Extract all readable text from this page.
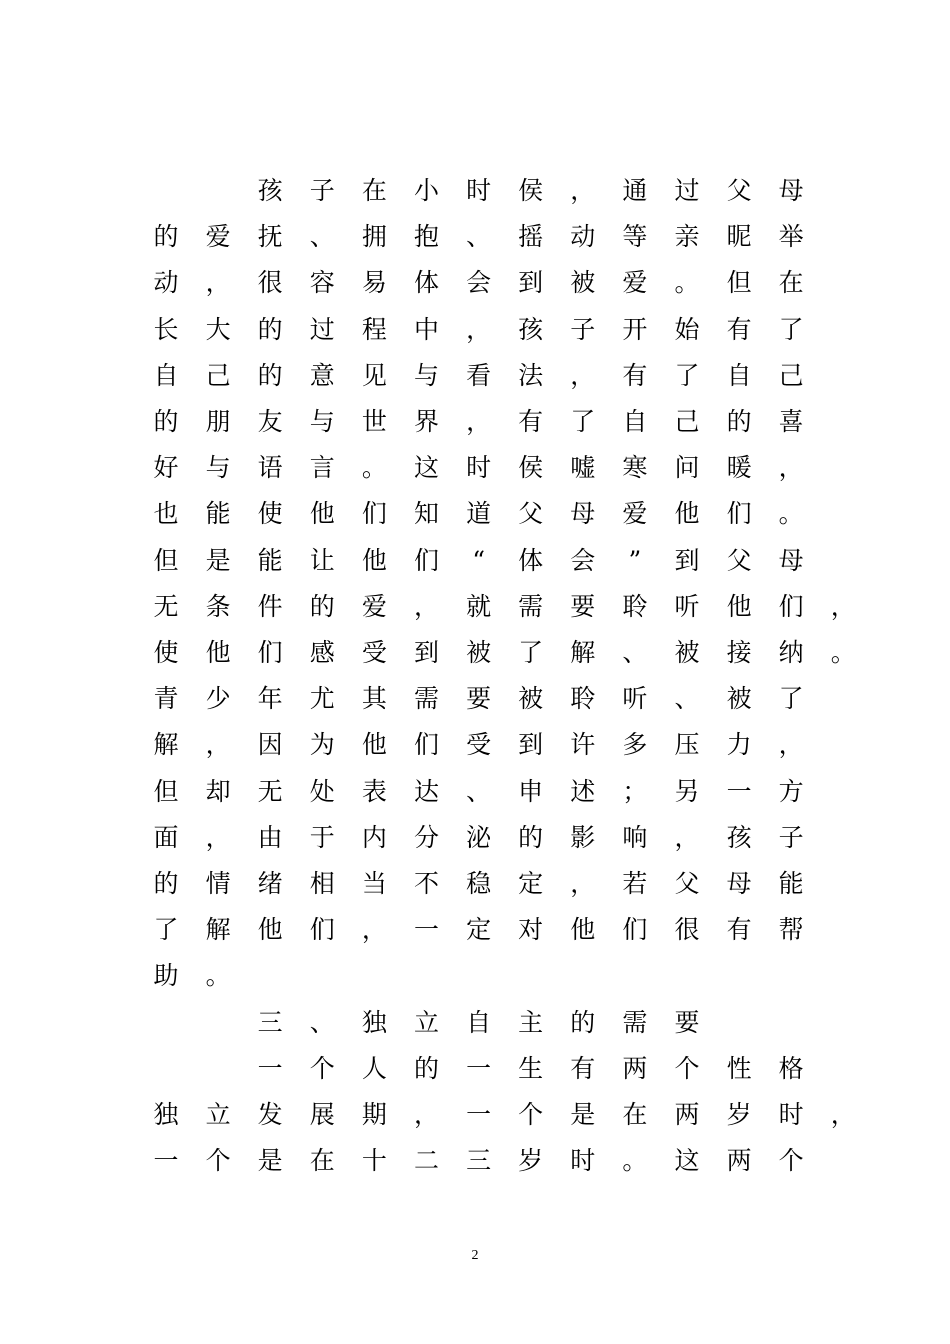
孩 子 在 小 时 侯 ， 通 过 父 母
的 爱 抚 、 拥 抱 、 摇 动 等 亲 昵 举
动 ， 很 容 易 体 会 到 被 爱 。 但 在
长 大 的 过 程 中 ， 孩 子 开 始 有 了
自 己 的 意 见 与 看 法 ， 有 了 自 己
的 朋 友 与 世 界 ， 有 了 自 己 的 喜
好 与 语 言 。 这 时 侯 嘘 寒 问 暖 ，
也 能 使 他 们 知 道 父 母 爱 他 们 。
但 是 能 让 他 们	“	体 会	”	到 父 母
无 条 件 的 爱 ， 就 需 要 聆 听 他 们 ，
使 他 们 感 受 到 被 了 解 、 被 接 纳 。
青 少 年 尤 其 需 要 被 聆 听 、 被 了
解 ， 因 为 他 们 受 到 许 多 压 力 ，
但 却 无 处 表 达 、 申 述 ； 另 一 方
面 ， 由 于 内 分 泌 的 影 响 ， 孩 子
的 情 绪 相 当 不 稳 定 ， 若 父 母 能
了 解 他 们 ， 一 定 对 他 们 很 有 帮
助 。
三 、 独 立 自 主 的 需 要
一 个 人 的 一 生 有 两 个 性 格
独 立 发 展 期 ， 一 个 是 在 两 岁 时 ，
一 个 是 在 十 二 三 岁 时 。 这 两 个
2
